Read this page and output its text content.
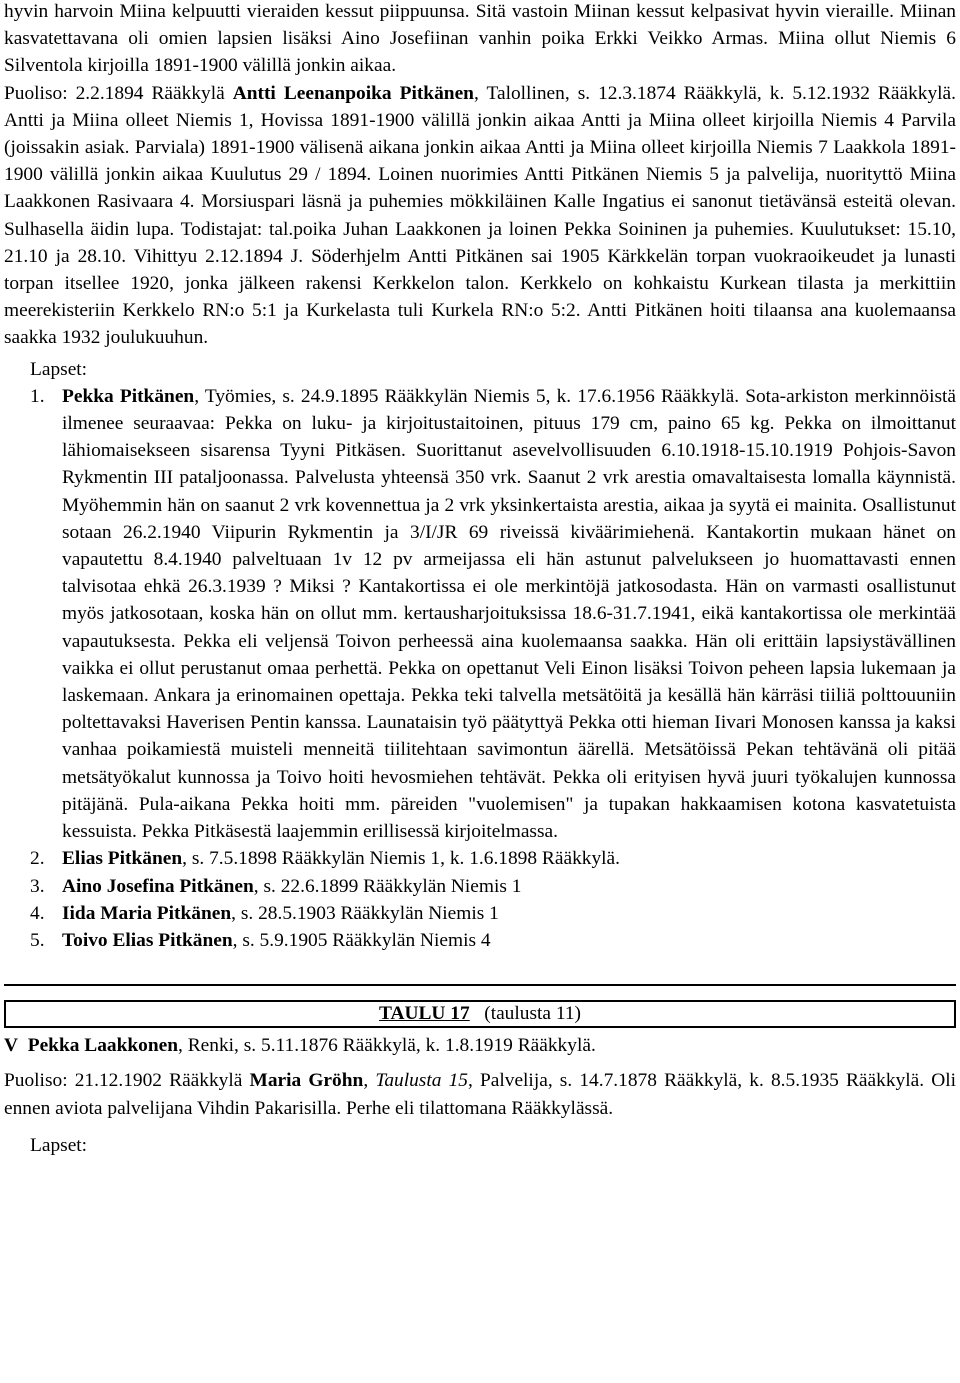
hyvin harvoin Miina kelpuutti vieraiden kessut piippuunsa. Sitä vastoin Miinan kessut kelpasivat hyvin vieraille. Miinan kasvatettavana oli omien lapsien lisäksi Aino Josefiinan vanhin poika Erkki Veikko Armas. Miina ollut Niemis 6 Silventola kirjoilla 1891-1900 välillä jonkin aikaa.

Puoliso: 2.2.1894 Rääkkylä Antti Leenanpoika Pitkänen, Talollinen, s. 12.3.1874 Rääkkylä, k. 5.12.1932 Rääkkylä. Antti ja Miina olleet Niemis 1, Hovissa 1891-1900 välillä jonkin aikaa Antti ja Miina olleet kirjoilla Niemis 4 Parvila (joissakin asiak. Parviala) 1891-1900 välisenä aikana jonkin aikaa Antti ja Miina olleet kirjoilla Niemis 7 Laakkola 1891-1900 välillä jonkin aikaa Kuulutus 29 / 1894. Loinen nuorimies Antti Pitkänen Niemis 5 ja palvelija, nuorityttö Miina Laakkonen Rasivaara 4. Morsiuspari läsnä ja puhemies mökkiläinen Kalle Ingatius ei sanonut tietävänsä esteitä olevan. Sulhasella äidin lupa. Todistajat: tal.poika Juhan Laakkonen ja loinen Pekka Soininen ja puhemies. Kuulutukset: 15.10, 21.10 ja 28.10. Vihittyu 2.12.1894 J. Söderhjelm Antti Pitkänen sai 1905 Kärkkelän torpan vuokraoikeudet ja lunasti torpan itsellee 1920, jonka jälkeen rakensi Kerkkelon talon. Kerkkelo on kohkaistu Kurkean tilasta ja merkittiin meerekisteriin Kerkkelo RN:o 5:1 ja Kurkelasta tuli Kurkela RN:o 5:2. Antti Pitkänen hoiti tilaansa ana kuolemaansa saakka 1932 joulukuuhun.

Lapset:
1. Pekka Pitkänen, Työmies, s. 24.9.1895 Rääkkylän Niemis 5, k. 17.6.1956 Rääkkylä. Sota-arkiston merkinnöistä ilmenee seuraavaa: Pekka on luku- ja kirjoitustaitoinen, pituus 179 cm, paino 65 kg. Pekka on ilmoittanut lähiomaisekseen sisarensa Tyyni Pitkäsen. Suorittanut asevelvollisuuden 6.10.1918-15.10.1919 Pohjois-Savon Rykmentin III pataljoonassa. Palvelusta yhteensä 350 vrk. Saanut 2 vrk arestia omavaltaisesta lomalla käynnistä. Myöhemmin hän on saanut 2 vrk kovennettua ja 2 vrk yksinkertaista arestia, aikaa ja syytä ei mainita. Osallistunut sotaan 26.2.1940 Viipurin Rykmentin ja 3/I/JR 69 riveissä kiväärimiehenä. Kantakortin mukaan hänet on vapautettu 8.4.1940 palveltuaan 1v 12 pv armeijassa eli hän astunut palvelukseen jo huomattavasti ennen talvisotaa ehkä 26.3.1939 ? Miksi ? Kantakortissa ei ole merkintöjä jatkosodasta. Hän on varmasti osallistunut myös jatkosotaan, koska hän on ollut mm. kertausharjoituksissa 18.6-31.7.1941, eikä kantakortissa ole merkintää vapautuksesta. Pekka eli veljensä Toivon perheessä aina kuolemaansa saakka. Hän oli erittäin lapsiystävällinen vaikka ei ollut perustanut omaa perhettä. Pekka on opettanut Veli Einon lisäksi Toivon peheen lapsia lukemaan ja laskemaan. Ankara ja erinomainen opettaja. Pekka teki talvella metsätöitä ja kesällä hän kärräsi tiiliä polttouuniin poltettavaksi Haverisen Pentin kanssa. Launataisin työ päätyttyä Pekka otti hieman Iivari Monosen kanssa ja kaksi vanhaa poikamiestä muisteli menneitä tiilitehtaan savimontun äärellä. Metsätöissä Pekan tehtävänä oli pitää metsätyökalut kunnossa ja Toivo hoiti hevosmiehen tehtävät. Pekka oli erityisen hyvä juuri työkalujen kunnossa pitäjänä. Pula-aikana Pekka hoiti mm. päreiden "vuolemisen" ja tupakan hakkaamisen kotona kasvatetuista kessuista. Pekka Pitkäsestä laajemmin erillisessä kirjoitelmassa.
2. Elias Pitkänen, s. 7.5.1898 Rääkkylän Niemis 1, k. 1.6.1898 Rääkkylä.
3. Aino Josefina Pitkänen, s. 22.6.1899 Rääkkylän Niemis 1
4. Iida Maria Pitkänen, s. 28.5.1903 Rääkkylän Niemis 1
5. Toivo Elias Pitkänen, s. 5.9.1905 Rääkkylän Niemis 4
TAULU 17 (taulusta 11)

V Pekka Laakkonen, Renki, s. 5.11.1876 Rääkkylä, k. 1.8.1919 Rääkkylä.

Puoliso: 21.12.1902 Rääkkylä Maria Gröhn, Taulusta 15, Palvelija, s. 14.7.1878 Rääkkylä, k. 8.5.1935 Rääkkylä. Oli ennen aviota palvelijana Vihdin Pakarisilla. Perhe eli tilattomana Rääkkylässä.

Lapset:
